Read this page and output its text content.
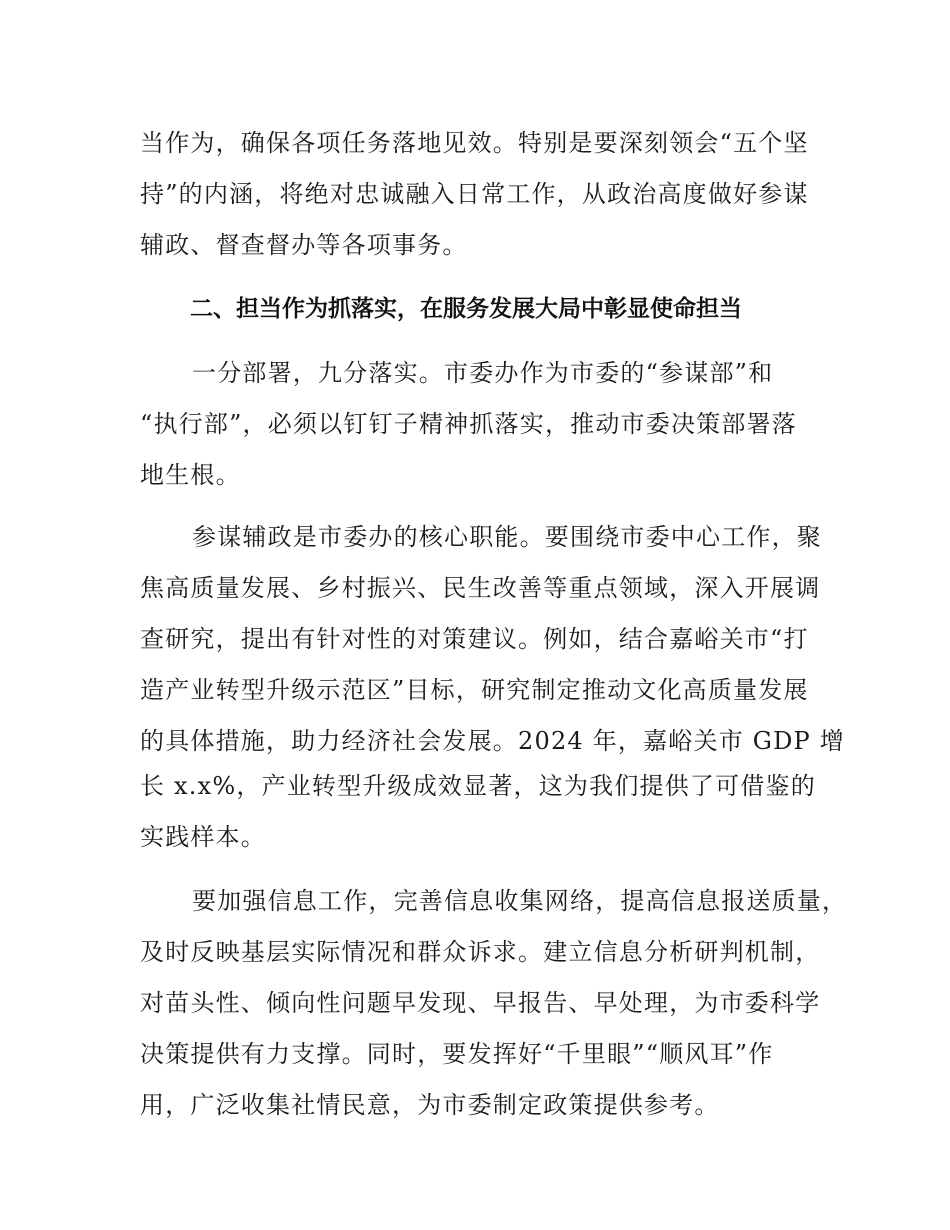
当作为，确保各项任务落地见效。特别是要深刻领会“五个坚
持”的内涵，将绝对忠诚融入日常工作，从政治高度做好参谋
辅政、督查督办等各项事务。
二、担当作为抓落实，在服务发展大局中彰显使命担当
一分部署，九分落实。市委办作为市委的“参谋部”和
“执行部”，必须以钉钉子精神抓落实，推动市委决策部署落
地生根。
参谋辅政是市委办的核心职能。要围绕市委中心工作，聚
焦高质量发展、乡村振兴、民生改善等重点领域，深入开展调
查研究，提出有针对性的对策建议。例如，结合嘉峪关市“打
造产业转型升级示范区”目标，研究制定推动文化高质量发展
的具体措施，助力经济社会发展。2024 年，嘉峪关市 GDP 增
长 x.x%，产业转型升级成效显著，这为我们提供了可借鉴的
实践样本。
要加强信息工作，完善信息收集网络，提高信息报送质量，
及时反映基层实际情况和群众诉求。建立信息分析研判机制，
对苗头性、倾向性问题早发现、早报告、早处理，为市委科学
决策提供有力支撑。同时，要发挥好“千里眼”“顺风耳”作
用，广泛收集社情民意，为市委制定政策提供参考。
